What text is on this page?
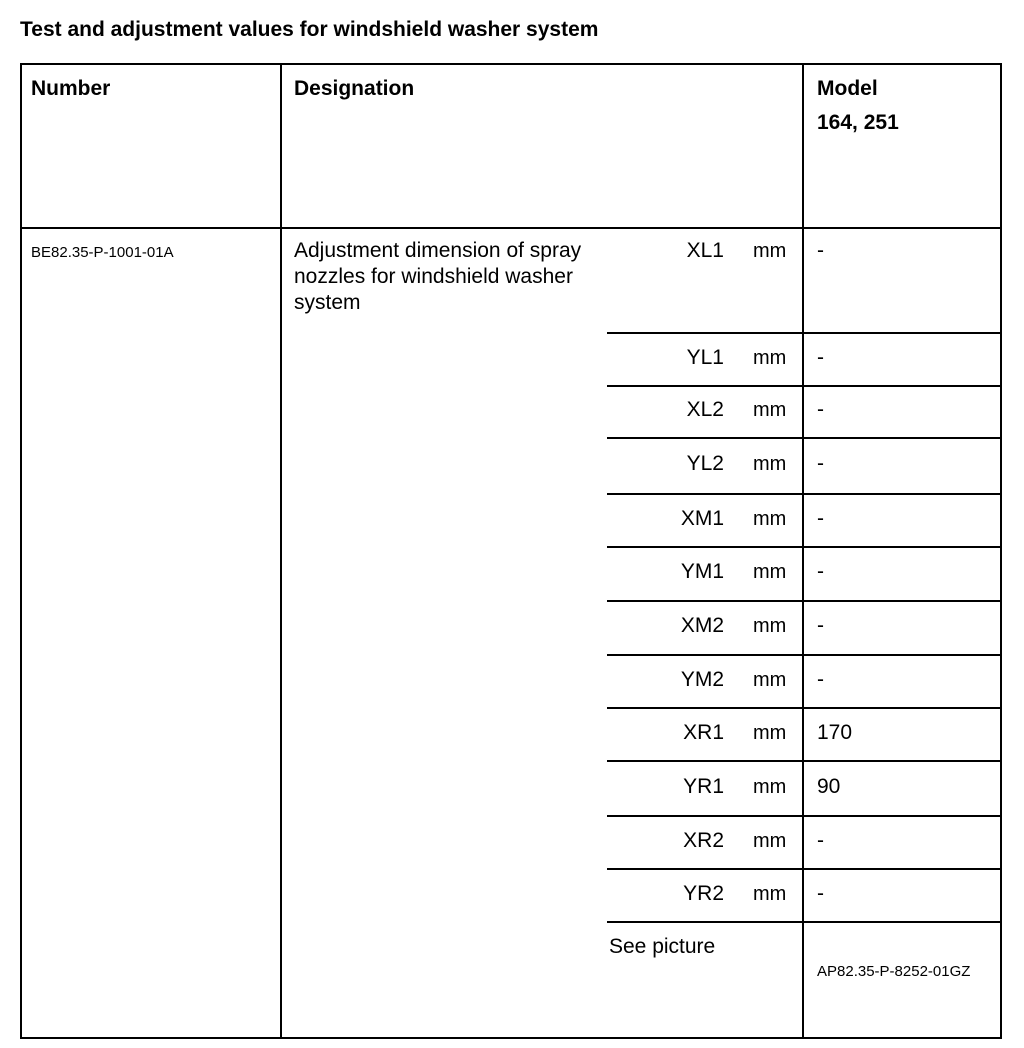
Test and adjustment values for windshield washer system
Number	Designation	Model
164, 251
BE82.35-P-1001-01A	Adjustment dimension of spray nozzles for windshield washer system
XL1 mm -
YL1 mm -
XL2 mm -
YL2 mm -
XM1 mm -
YM1 mm -
XM2 mm -
YM2 mm -
XR1 mm 170
YR1 mm 90
XR2 mm -
YR2 mm -
See picture
AP82.35-P-8252-01GZ
